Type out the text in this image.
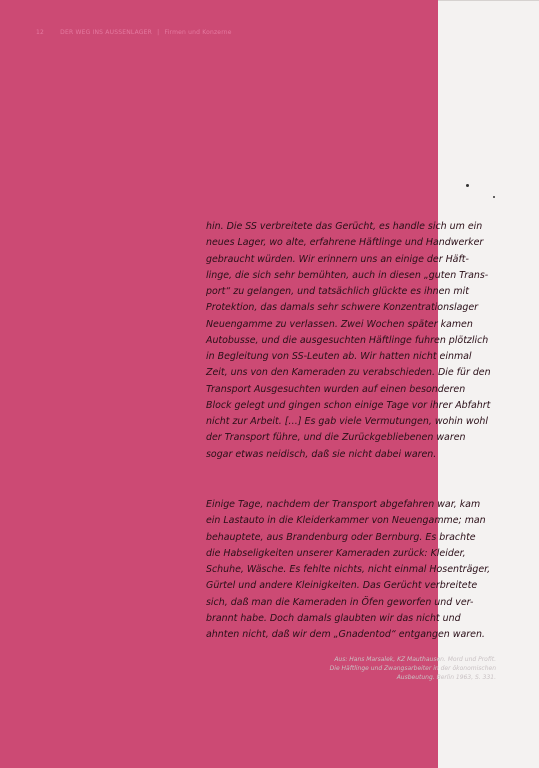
12	DER WEG INS AUSSENLAGER | Firmen und Konzerne
hin. Die SS verbreitete das Gerücht, es handle sich um ein
neues Lager, wo alte, erfahrene Häftlinge und Handwerker
gebraucht würden. Wir erinnern uns an einige der Häft-
linge, die sich sehr bemühten, auch in diesen „guten Trans-
port“ zu gelangen, und tatsächlich glückte es ihnen mit
Protektion, das damals sehr schwere Konzentrationslager
Neuengamme zu verlassen. Zwei Wochen später kamen
Autobusse, und die ausgesuchten Häftlinge fuhren plötzlich
in Begleitung von SS-Leuten ab. Wir hatten nicht einmal
Zeit, uns von den Kameraden zu verabschieden. Die für den
Transport Ausgesuchten wurden auf einen besonderen
Block gelegt und gingen schon einige Tage vor ihrer Abfahrt
nicht zur Arbeit. […] Es gab viele Vermutungen, wohin wohl
der Transport führe, und die Zurückgebliebenen waren
sogar etwas neidisch, daß sie nicht dabei waren.
Einige Tage, nachdem der Transport abgefahren war, kam
ein Lastauto in die Kleiderkammer von Neuengamme; man
behauptete, aus Brandenburg oder Bernburg. Es brachte
die Habseligkeiten unserer Kameraden zurück: Kleider,
Schuhe, Wäsche. Es fehlte nichts, nicht einmal Hosenträger,
Gürtel und andere Kleinigkeiten. Das Gerücht verbreitete
sich, daß man die Kameraden in Öfen geworfen und ver-
brannt habe. Doch damals glaubten wir das nicht und
ahnten nicht, daß wir dem „Gnadentod“ entgangen waren.
Aus: Hans Marsalek, KZ Mauthausen. Mord und Profit.
Die Häftlinge und Zwangsarbeiter in der ökonomischen
Ausbeutung. Berlin 1963, S. 331.
